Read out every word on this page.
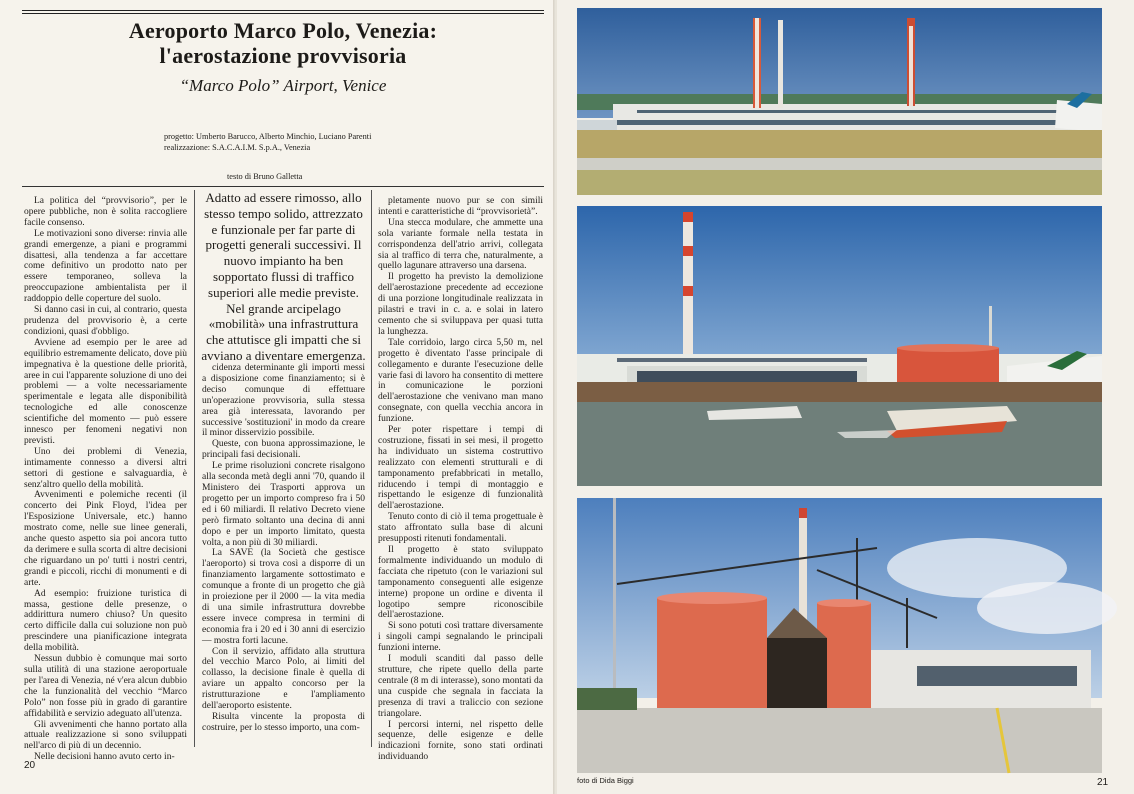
Aeroporto Marco Polo, Venezia:
l'aerostazione provvisoria
“Marco Polo” Airport, Venice
progetto: Umberto Barucco, Alberto Minchio, Luciano Parenti
realizzazione: S.A.C.A.I.M. S.p.A., Venezia
testo di Bruno Galletta

La politica del “provvisorio”, per le opere pubbliche, non è solita raccogliere facile consenso.

Le motivazioni sono diverse: rinvia alle grandi emergenze, a piani e programmi disattesi, alla tendenza a far accettare come definitivo un prodotto nato per essere temporaneo, solleva la preoccupazione ambientalista per il raddoppio delle coperture del suolo.

Si danno casi in cui, al contrario, questa prudenza del provvisorio è, a certe condizioni, quasi d'obbligo.

Avviene ad esempio per le aree ad equilibrio estremamente delicato, dove più impegnativa è la questione delle priorità, aree in cui l'apparente soluzione di uno dei problemi — a volte necessariamente sperimentale e legata alle disponibilità tecnologiche ed alle conoscenze scientifiche del momento — può essere innesco per fenomeni negativi non previsti.

Uno dei problemi di Venezia, intimamente connesso a diversi altri settori di gestione e salvaguardia, è senz'altro quello della mobilità.

Avvenimenti e polemiche recenti (il concerto dei Pink Floyd, l'idea per l'Esposizione Universale, etc.) hanno mostrato come, nelle sue linee generali, anche questo aspetto sia poi ancora tutto da derimere e sulla scorta di altre decisioni che riguardano un po' tutti i nostri centri, grandi e piccoli, ricchi di monumenti e di arte.

Ad esempio: fruizione turistica di massa, gestione delle presenze, o addirittura numero chiuso? Un quesito certo difficile dalla cui soluzione non può prescindere una pianificazione integrata della mobilità.

Nessun dubbio è comunque mai sorto sulla utilità di una stazione aeroportuale per l'area di Venezia, né v'era alcun dubbio che la funzionalità del vecchio “Marco Polo” non fosse più in grado di garantire affidabilità e servizio adeguato all'utenza.

Gli avvenimenti che hanno portato alla attuale realizzazione si sono sviluppati nell'arco di più di un decennio.

Nelle decisioni hanno avuto certo in-

Adatto ad essere rimosso, allo stesso tempo solido, attrezzato e funzionale per far parte di progetti generali successivi. Il nuovo impianto ha ben sopportato flussi di traffico superiori alle medie previste. Nel grande arcipelago «mobilità» una infrastruttura che attutisce gli impatti che si avviano a diventare emergenza.

cidenza determinante gli importi messi a disposizione come finanziamento; si è deciso comunque di effettuare un'operazione provvisoria, sulla stessa area già interessata, lavorando per successive 'sostituzioni' in modo da creare il minor disservizio possibile.

Queste, con buona approssimazione, le principali fasi decisionali.

Le prime risoluzioni concrete risalgono alla seconda metà degli anni '70, quando il Ministero dei Trasporti approva un progetto per un importo compreso fra i 50 ed i 60 miliardi. Il relativo Decreto viene però firmato soltanto una decina di anni dopo e per un importo limitato, questa volta, a non più di 30 miliardi.

La SAVE (la Società che gestisce l'aeroporto) si trova così a disporre di un finanziamento largamente sottostimato e comunque a fronte di un progetto che già in proiezione per il 2000 — la vita media di una simile infrastruttura dovrebbe essere invece compresa in termini di economia fra i 20 ed i 30 anni di esercizio — mostra forti lacune.

Con il servizio, affidato alla struttura del vecchio Marco Polo, ai limiti del collasso, la decisione finale è quella di aviare un appalto concorso per la ristrutturazione e l'ampliamento dell'aeroporto esistente.

Risulta vincente la proposta di costruire, per lo stesso importo, una com-

pletamente nuovo pur se con simili intenti e caratteristiche di “provvisorietà”.

Una stecca modulare, che ammette una sola variante formale nella testata in corrispondenza dell'atrio arrivi, collegata sia al traffico di terra che, naturalmente, a quello lagunare attraverso una darsena.

Il progetto ha previsto la demolizione dell'aerostazione precedente ad eccezione di una porzione longitudinale realizzata in pilastri e travi in c. a. e solai in latero cemento che si sviluppava per quasi tutta la lunghezza.

Tale corridoio, largo circa 5,50 m, nel progetto è diventato l'asse principale di collegamento e durante l'esecuzione delle varie fasi di lavoro ha consentito di mettere in comunicazione le porzioni dell'aerostazione che venivano man mano consegnate, con quella vecchia ancora in funzione.

Per poter rispettare i tempi di costruzione, fissati in sei mesi, il progetto ha individuato un sistema costruttivo realizzato con elementi strutturali e di tamponamento prefabbricati in metallo, riducendo i tempi di montaggio e rispettando le esigenze di funzionalità dell'aerostazione.

Tenuto conto di ciò il tema progettuale è stato affrontato sulla base di alcuni presupposti ritenuti fondamentali.

Il progetto è stato sviluppato formalmente individuando un modulo di facciata che ripetuto (con le variazioni sul tamponamento conseguenti alle esigenze interne) propone un ordine e diventa il logotipo sempre riconoscibile dell'aerostazione.

Si sono potuti così trattare diversamente i singoli campi segnalando le principali funzioni interne.

I moduli scanditi dal passo delle strutture, che ripete quello della parte centrale (8 m di interasse), sono montati da una cuspide che segnala in facciata la presenza di travi a traliccio con sezione triangolare.

I percorsi interni, nel rispetto delle sequenze, delle esigenze e delle indicazioni fornite, sono stati ordinati individuando

20
foto di Dida Biggi	21
